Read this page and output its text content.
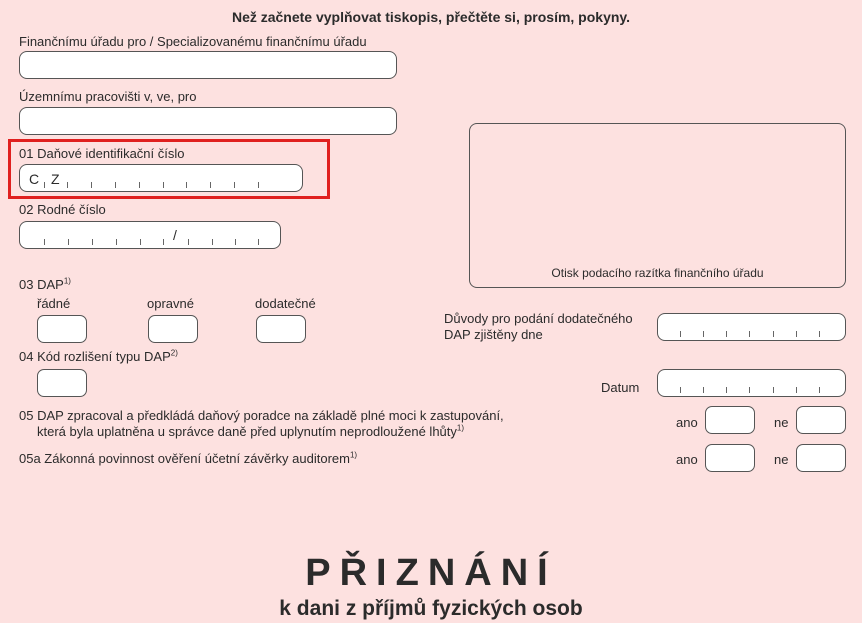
Než začnete vyplňovat tiskopis, přečtěte si, prosím, pokyny.
Finančnímu úřadu pro / Specializovanému finančnímu úřadu
Územnímu pracovišti v, ve, pro
01 Daňové identifikační číslo
C Z
02 Rodné číslo
/
Otisk podacího razítka finančního úřadu
03 DAP$^{1)}$
řádné	opravné	dodatečné
Důvody pro podání dodatečného
DAP zjištěny dne
04 Kód rozlišení typu DAP$^{2)}$
Datum
05 DAP zpracoval a předkládá daňový poradce na základě plné moci k zastupování,
která byla uplatněna u správce daně před uplynutím neprodloužené lhůty$^{1)}$	ano	ne
05a Zákonná povinnost ověření účetní závěrky auditorem$^{1)}$	ano	ne
PŘIZNÁNÍ
k dani z příjmů fyzických osob
